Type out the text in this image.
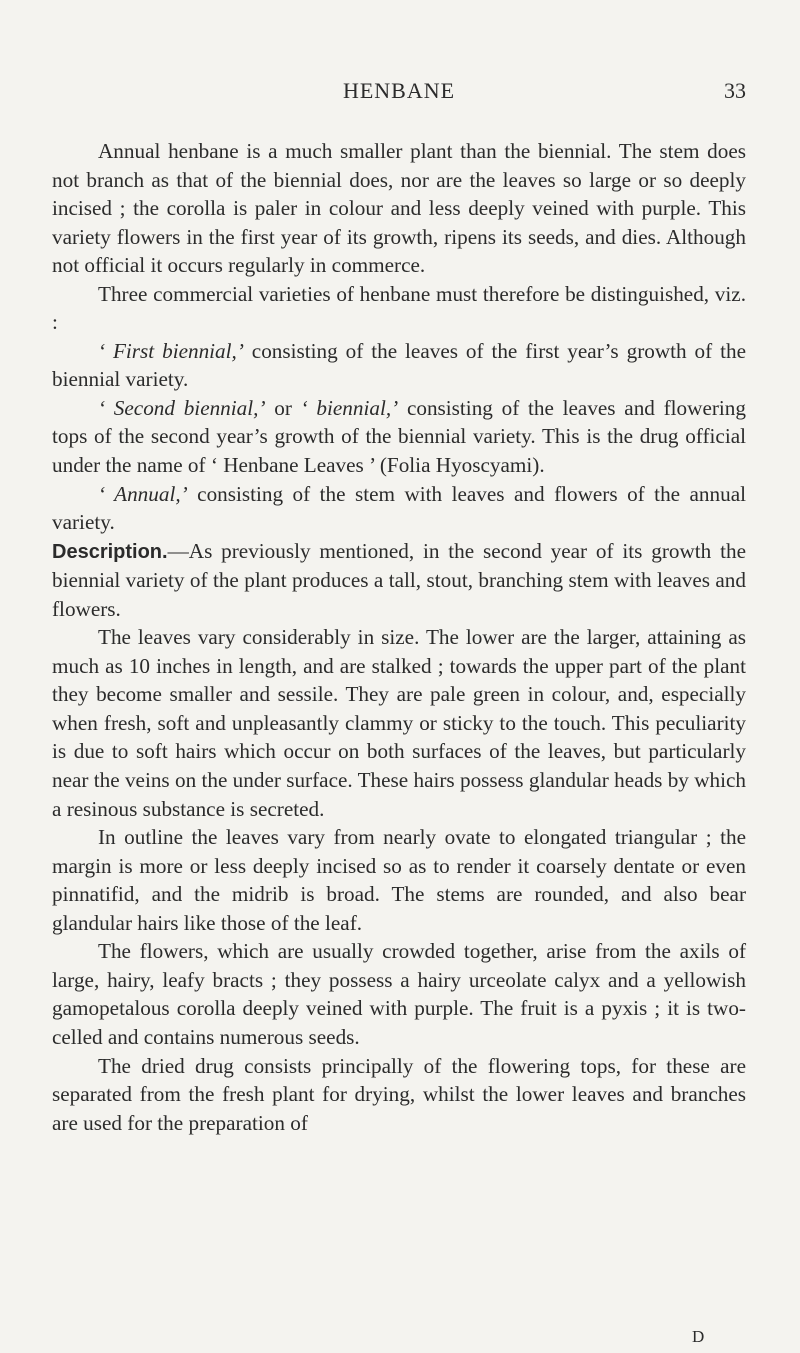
HENBANE	33

Annual henbane is a much smaller plant than the biennial. The stem does not branch as that of the biennial does, nor are the leaves so large or so deeply incised ; the corolla is paler in colour and less deeply veined with purple. This variety flowers in the first year of its growth, ripens its seeds, and dies. Although not official it occurs regularly in commerce.

Three commercial varieties of henbane must therefore be distinguished, viz. :

‘ First biennial,’ consisting of the leaves of the first year’s growth of the biennial variety.

‘ Second biennial,’ or ‘ biennial,’ consisting of the leaves and flowering tops of the second year’s growth of the biennial variety. This is the drug official under the name of ‘ Henbane Leaves ’ (Folia Hyoscyami).

‘ Annual,’ consisting of the stem with leaves and flowers of the annual variety.

Description.—As previously mentioned, in the second year of its growth the biennial variety of the plant produces a tall, stout, branching stem with leaves and flowers.

The leaves vary considerably in size. The lower are the larger, attaining as much as 10 inches in length, and are stalked ; towards the upper part of the plant they become smaller and sessile. They are pale green in colour, and, especially when fresh, soft and unpleasantly clammy or sticky to the touch. This peculiarity is due to soft hairs which occur on both surfaces of the leaves, but particularly near the veins on the under surface. These hairs possess glandular heads by which a resinous substance is secreted.

In outline the leaves vary from nearly ovate to elongated triangular ; the margin is more or less deeply incised so as to render it coarsely dentate or even pinnatifid, and the midrib is broad. The stems are rounded, and also bear glandular hairs like those of the leaf.

The flowers, which are usually crowded together, arise from the axils of large, hairy, leafy bracts ; they possess a hairy urceolate calyx and a yellowish gamopetalous corolla deeply veined with purple. The fruit is a pyxis ; it is two-celled and contains numerous seeds.

The dried drug consists principally of the flowering tops, for these are separated from the fresh plant for drying, whilst the lower leaves and branches are used for the preparation of

D
